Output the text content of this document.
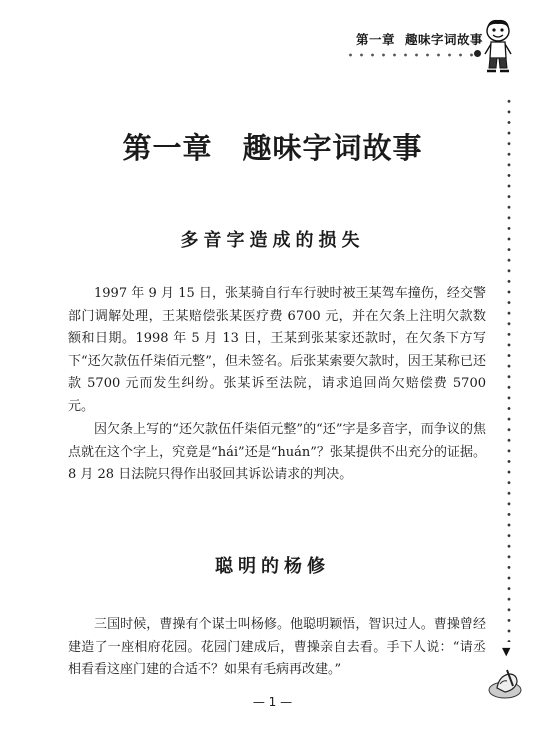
第一章 趣味字词故事
▼
第一章　趣味字词故事
多音字造成的损失

1997 年 9 月 15 日，张某骑自行车行驶时被王某驾车撞伤，经交警部门调解处理，王某赔偿张某医疗费 6700 元，并在欠条上注明欠款数额和日期。1998 年 5 月 13 日，王某到张某家还款时，在欠条下方写下“还欠款伍仟柒佰元整”，但未签名。后张某索要欠款时，因王某称已还款 5700 元而发生纠纷。张某诉至法院，请求追回尚欠赔偿费 5700 元。

因欠条上写的“还欠款伍仟柒佰元整”的“还”字是多音字，而争议的焦点就在这个字上，究竟是“hái”还是“huán”？张某提供不出充分的证据。8 月 28 日法院只得作出驳回其诉讼请求的判决。

聪明的杨修

三国时候，曹操有个谋士叫杨修。他聪明颖悟，智识过人。曹操曾经建造了一座相府花园。花园门建成后，曹操亲自去看。手下人说：“请丞相看看这座门建的合适不？如果有毛病再改建。”

— 1 —
